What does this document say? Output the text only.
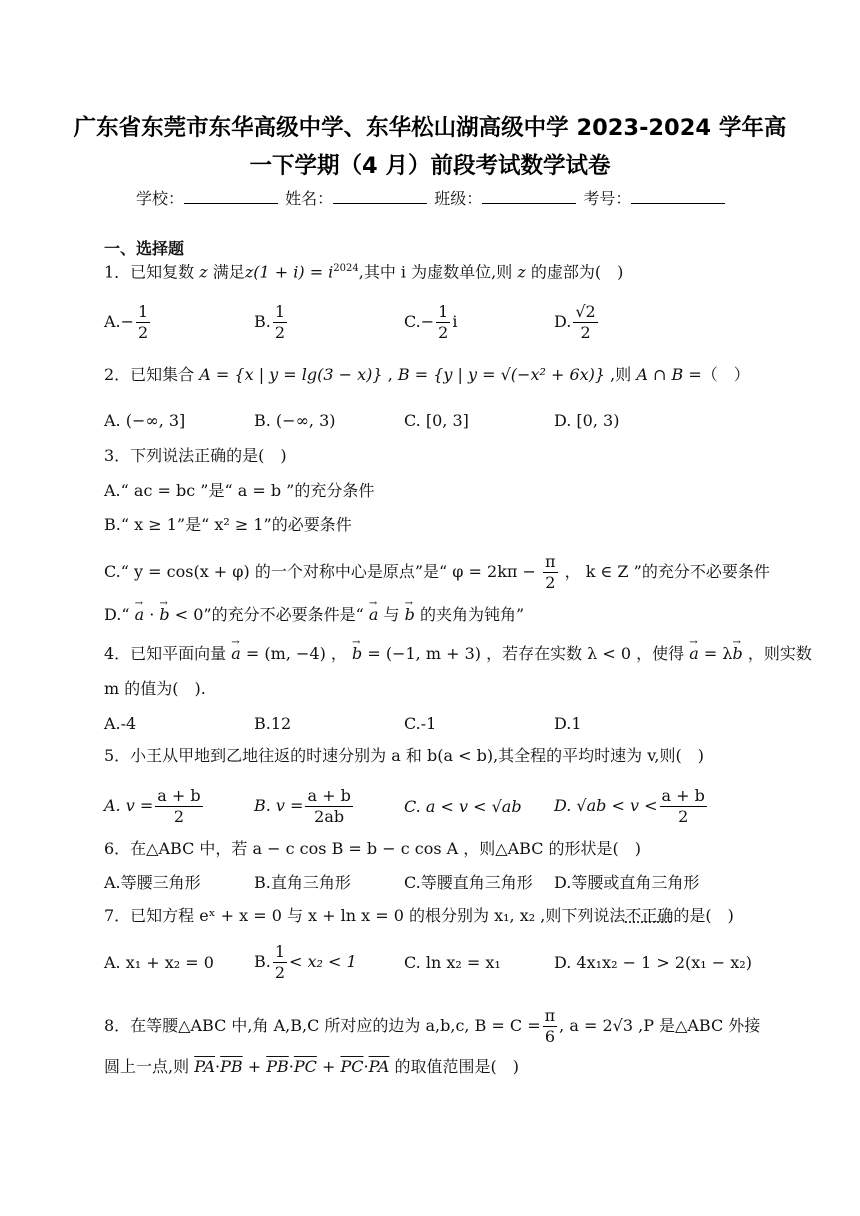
广东省东莞市东华高级中学、东华松山湖高级中学 2023-2024 学年高
一下学期（4 月）前段考试数学试卷
学校：	姓名：	班级：	考号：
一、选择题
1．已知复数 z 满足$z(1 + i) = i^{2024}$,其中 i 为虚数单位,则 z 的虚部为(　)
$A.- \frac{1}{2}$	B. $\frac{1}{2}$	$C.- \frac{1}{2}$ i	D. $\frac{√2}{2}$
2．已知集合 A = {x | y = lg(3 − x)} , B = {y | y = √(−x² + 6x)} ,则 A ∩ B =（　）
A. (−∞, 3]	B. (−∞, 3)	C. [0, 3]	D. [0, 3)
3．下列说法正确的是(　)
A.“ ac = bc ”是“ a = b ”的充分条件
B.“ x ≥ 1”是“ x² ≥ 1”的必要条件
C.“ y = cos(x + φ) 的一个对称中心是原点”是“ $\varphi = 2k\pi - \frac{\pi}{2}$ ， k ∈ Z ”的充分不必要条件
D.“ → a · → b < 0”的充分不必要条件是“ → a 与 → b 的夹角为钝角”
4．已知平面向量 → a = (m, −4) ， → b = (−1, m + 3) ，若存在实数 λ < 0 ，使得 → a = λ→ b ，则实数
m 的值为(　).
A.-4	B.12	C.-1	D.1
5．小王从甲地到乙地往返的时速分别为 a 和 b(a < b),其全程的平均时速为 v,则(　)
A. $v = \frac{a + b}{2}$	B. $v = \frac{a + b}{2ab}$	C. a < v < √ab D. $√ab < v < \frac{a + b}{2}$
6．在△ABC 中，若 a − c cos B = b − c cos A ，则△ABC 的形状是(　)
A.等腰三角形	B.直角三角形	C.等腰直角三角形 D.等腰或直角三角形
7．已知方程 eˣ + x = 0 与 x + ln x = 0 的根分别为 x₁, x₂ ,则下列说法不正确的是(　)
A. x₁ + x₂ = 0	B. $\frac{1}{2} < x_2 < 1$	C. ln x₂ = x₁	D. 4x₁x₂ − 1 > 2(x₁ − x₂)
8．在等腰△ABC 中,角 A,B,C 所对应的边为 a,b,c, $B = C = \frac{\pi}{6}$ , a = 2√3 ,P 是△ABC 外接
圆上一点,则 $\overline{PA}\cdot\overline{PB} + \overline{PB}\cdot\overline{PC} + \overline{PC}\cdot\overline{PA}$ 的取值范围是(　)
